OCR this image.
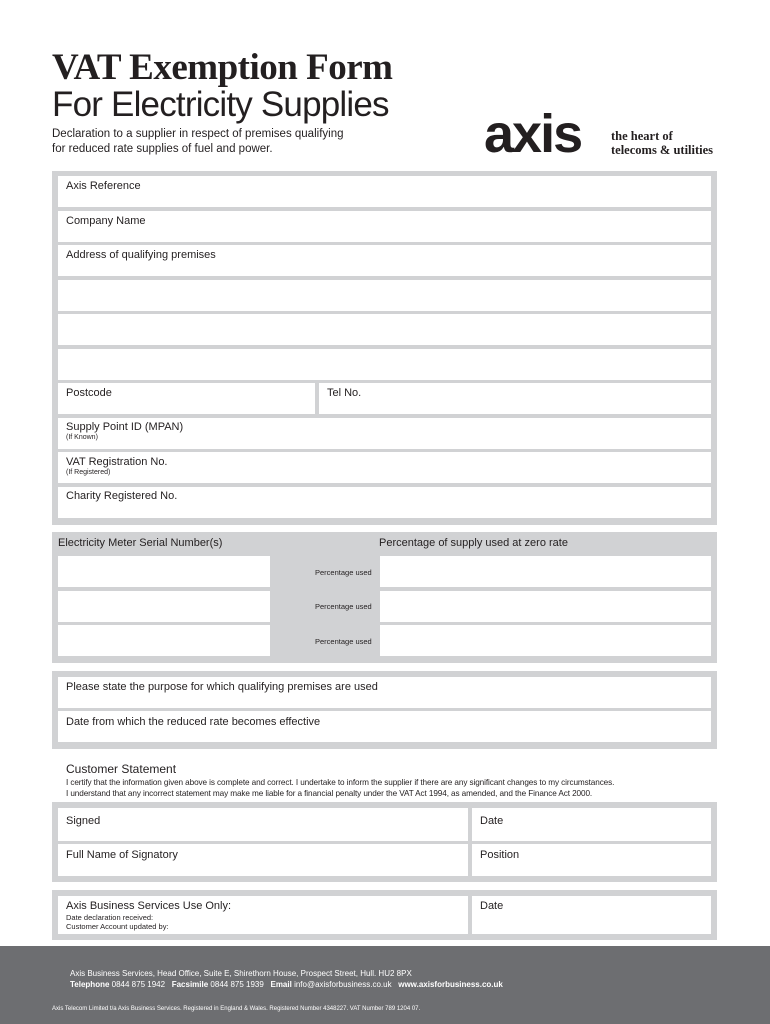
VAT Exemption Form
For Electricity Supplies
Declaration to a supplier in respect of premises qualifying
for reduced rate supplies of fuel and power.	axis the heart of
telecoms & utilities
Axis Reference
Company Name
Address of qualifying premises
Postcode	Tel No.
Supply Point ID (MPAN)
(If Known)
VAT Registration No.
(If Registered)
Charity Registered No.
Electricity Meter Serial Number(s)	Percentage of supply used at zero rate
Percentage used
Percentage used
Percentage used
Please state the purpose for which qualifying premises are used
Date from which the reduced rate becomes effective
Customer Statement
I certify that the information given above is complete and correct. I undertake to inform the supplier if there are any significant changes to my circumstances.
I understand that any incorrect statement may make me liable for a financial penalty under the VAT Act 1994, as amended, and the Finance Act 2000.
Signed	Date
Full Name of Signatory	Position
Axis Business Services Use Only:
Date declaration received:
Customer Account updated by:
Date
Axis Business Services, Head Office, Suite E, Shirethorn House, Prospect Street, Hull. HU2 8PX
Telephone 0844 875 1942 Facsimile 0844 875 1939 Email info@axisforbusiness.co.uk www.axisforbusiness.co.uk
Axis Telecom Limited t/a Axis Business Services. Registered in England & Wales. Registered Number 4348227. VAT Number 789 1204 07.
